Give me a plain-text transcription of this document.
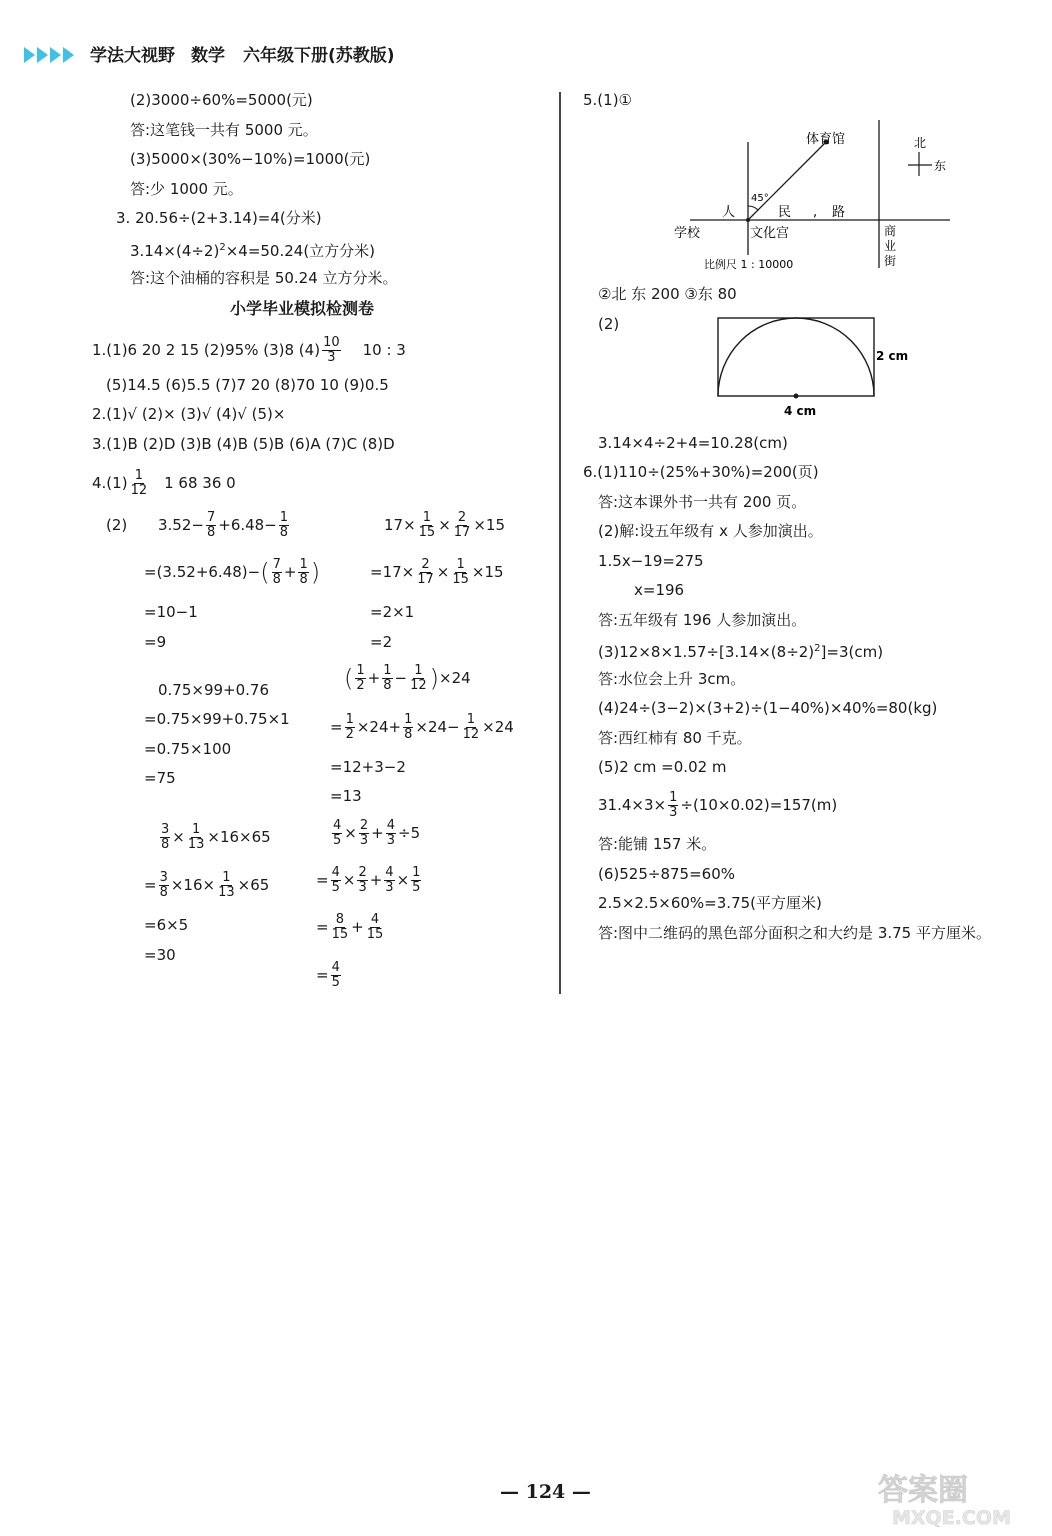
学法大视野 数学 六年级下册(苏教版)
(2)3000÷60%=5000(元)
答:这笔钱一共有 5000 元。
(3)5000×(30%−10%)=1000(元)
答:少 1000 元。
3. 20.56÷(2+3.14)=4(分米)
$3.14\times(4\div 2)^2\times 4=50.24$(立方分米)
答:这个油桶的容积是 50.24 立方分米。
小学毕业模拟检测卷
1.(1)6 20 2 15 (2)95% (3)8 $(4) \frac{10}{3} 10$ : 3
(5)14.5 (6)5.5 (7)7 20 (8)70 10 (9)0.5
2.(1)√ (2)× (3)√ (4)√ (5)×
3.(1)B (2)D (3)B (4)B (5)B (6)A (7)C (8)D
$4.(1) \frac{1}{12} 1$ 68 36 0
(2) $3.52- \frac{7}{8} +6.48- \frac{1}{8}$
$=(3.52+6.48)-( \frac{7}{8} + \frac{1}{8}$ )
=10−1
=9
$17\times \frac{1}{15} \times \frac{2}{17} \times 15$
$=17\times \frac{2}{17} \times \frac{1}{15} \times 15$
=2×1
=2
0.75×99+0.76
=0.75×99+0.75×1
=0.75×100
=75
( $\frac{1}{2} + \frac{1}{8} - \frac{1}{12} )\times 24$
= $\frac{1}{2} \times 24+ \frac{1}{8} \times 24- \frac{1}{12} \times 24$
=12+3−2
=13
$\frac{3}{8} \times \frac{1}{13} \times 16\times 65$
= $\frac{3}{8} \times 16\times \frac{1}{13} \times 65$
=6×5
=30
$\frac{4}{5} \times \frac{2}{3} + \frac{4}{3} \div 5$
= $\frac{4}{5} \times \frac{2}{3} + \frac{4}{3} \times \frac{1}{5}$
= $\frac{8}{15} + \frac{4}{15}$
= $\frac{4}{5}$
5.(1)①
体育馆
45°
人	民 , 路
学校	文化宫	商
业
街
北
东
比例尺 1 : 10000
②北 东 200 ③东 80
(2)
2 cm
4 cm
3.14×4÷2+4=10.28(cm)
6.(1)110÷(25%+30%)=200(页)
答:这本课外书一共有 200 页。
(2)解:设五年级有 x 人参加演出。
1.5x−19=275
x=196
答:五年级有 196 人参加演出。
$(3)12\times 8\times 1.57\div[3.14\times(8\div 2)^2]=3(cm)$
答:水位会上升 3cm。
(4)24÷(3−2)×(3+2)÷(1−40%)×40%=80(kg)
答:西红柿有 80 千克。
(5)2 cm =0.02 m
$31.4\times 3\times \frac{1}{3} \div(10\times 0.02)=157(m)$
答:能铺 157 米。
(6)525÷875=60%
2.5×2.5×60%=3.75(平方厘米)
答:图中二维码的黑色部分面积之和大约是 3.75 平方厘米。
— 124 —	答案圈
MXQE.COM
